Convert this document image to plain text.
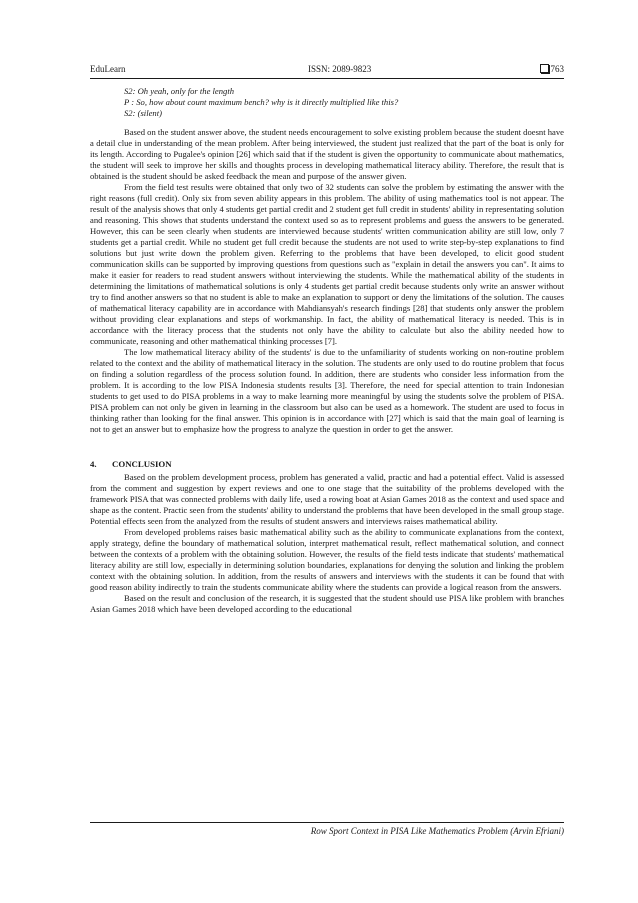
EduLearn	ISSN: 2089-9823	763

S2: Oh yeah, only for the length

P : So, how about count maximum bench? why is it directly multiplied like this?

S2: (silent)

Based on the student answer above, the student needs encouragement to solve existing problem because the student doesnt have a detail clue in understanding of the mean problem. After being interviewed, the student just realized that the part of the boat is only for its length. According to Pugalee's opinion [26] which said that if the student is given the opportunity to communicate about mathematics, the student will seek to improve her skills and thoughts process in developing mathematical literacy ability. Therefore, the result that is obtained is the student should be asked feedback the mean and purpose of the answer given.

From the field test results were obtained that only two of 32 students can solve the problem by estimating the answer with the right reasons (full credit). Only six from seven ability appears in this problem. The ability of using mathematics tool is not appear. The result of the analysis shows that only 4 students get partial credit and 2 student get full credit in students' ability in representating solution and reasoning. This shows that students understand the context used so as to represent problems and guess the answers to be generated. However, this can be seen clearly when students are interviewed because students' written communication ability are still low, only 7 students get a partial credit. While no student get full credit because the students are not used to write step-by-step explanations to find solutions but just write down the problem given. Referring to the problems that have been developed, to elicit good student communication skills can be supported by improving questions from questions such as "explain in detail the answers you can". It aims to make it easier for readers to read student answers without interviewing the students. While the mathematical ability of the students in determining the limitations of mathematical solutions is only 4 students get partial credit because students only write an answer without try to find another answers so that no student is able to make an explanation to support or deny the limitations of the solution. The causes of mathematical literacy capability are in accordance with Mahdiansyah's research findings [28] that students only answer the problem without providing clear explanations and steps of workmanship. In fact, the ability of mathematical literacy is needed. This is in accordance with the literacy process that the students not only have the ability to calculate but also the ability needed how to communicate, reasoning and other mathematical thinking processes [7].

The low mathematical literacy ability of the students' is due to the unfamiliarity of students working on non-routine problem related to the context and the ability of mathematical literacy in the solution. The students are only used to do routine problem that focus on finding a solution regardless of the process solution found. In addition, there are students who consider less information from the problem. It is according to the low PISA Indonesia students results [3]. Therefore, the need for special attention to train Indonesian students to get used to do PISA problems in a way to make learning more meaningful by using the students solve the problem of PISA. PISA problem can not only be given in learning in the classroom but also can be used as a homework. The student are used to focus in thinking rather than looking for the final answer. This opinion is in accordance with [27] which is said that the main goal of learning is not to get an answer but to emphasize how the progress to analyze the question in order to get the answer.

4. CONCLUSION

Based on the problem development process, problem has generated a valid, practic and had a potential effect. Valid is assessed from the comment and suggestion by expert reviews and one to one stage that the suitability of the problems developed with the framework PISA that was connected problems with daily life, used a rowing boat at Asian Games 2018 as the context and used space and shape as the content. Practic seen from the students' ability to understand the problems that have been developed in the small group stage. Potential effects seen from the analyzed from the results of student answers and interviews raises mathematical ability.

From developed problems raises basic mathematical ability such as the ability to communicate explanations from the context, apply strategy, define the boundary of mathematical solution, interpret mathematical result, reflect mathematical solution, and connect between the contexts of a problem with the obtaining solution. However, the results of the field tests indicate that students' mathematical literacy ability are still low, especially in determining solution boundaries, explanations for denying the solution and linking the problem context with the obtaining solution. In addition, from the results of answers and interviews with the students it can be found that with good reason ability indirectly to train the students communicate ability where the students can provide a logical reason from the answers.

Based on the result and conclusion of the research, it is suggested that the student should use PISA like problem with branches Asian Games 2018 which have been developed according to the educational

Row Sport Context in PISA Like Mathematics Problem (Arvin Efriani)
